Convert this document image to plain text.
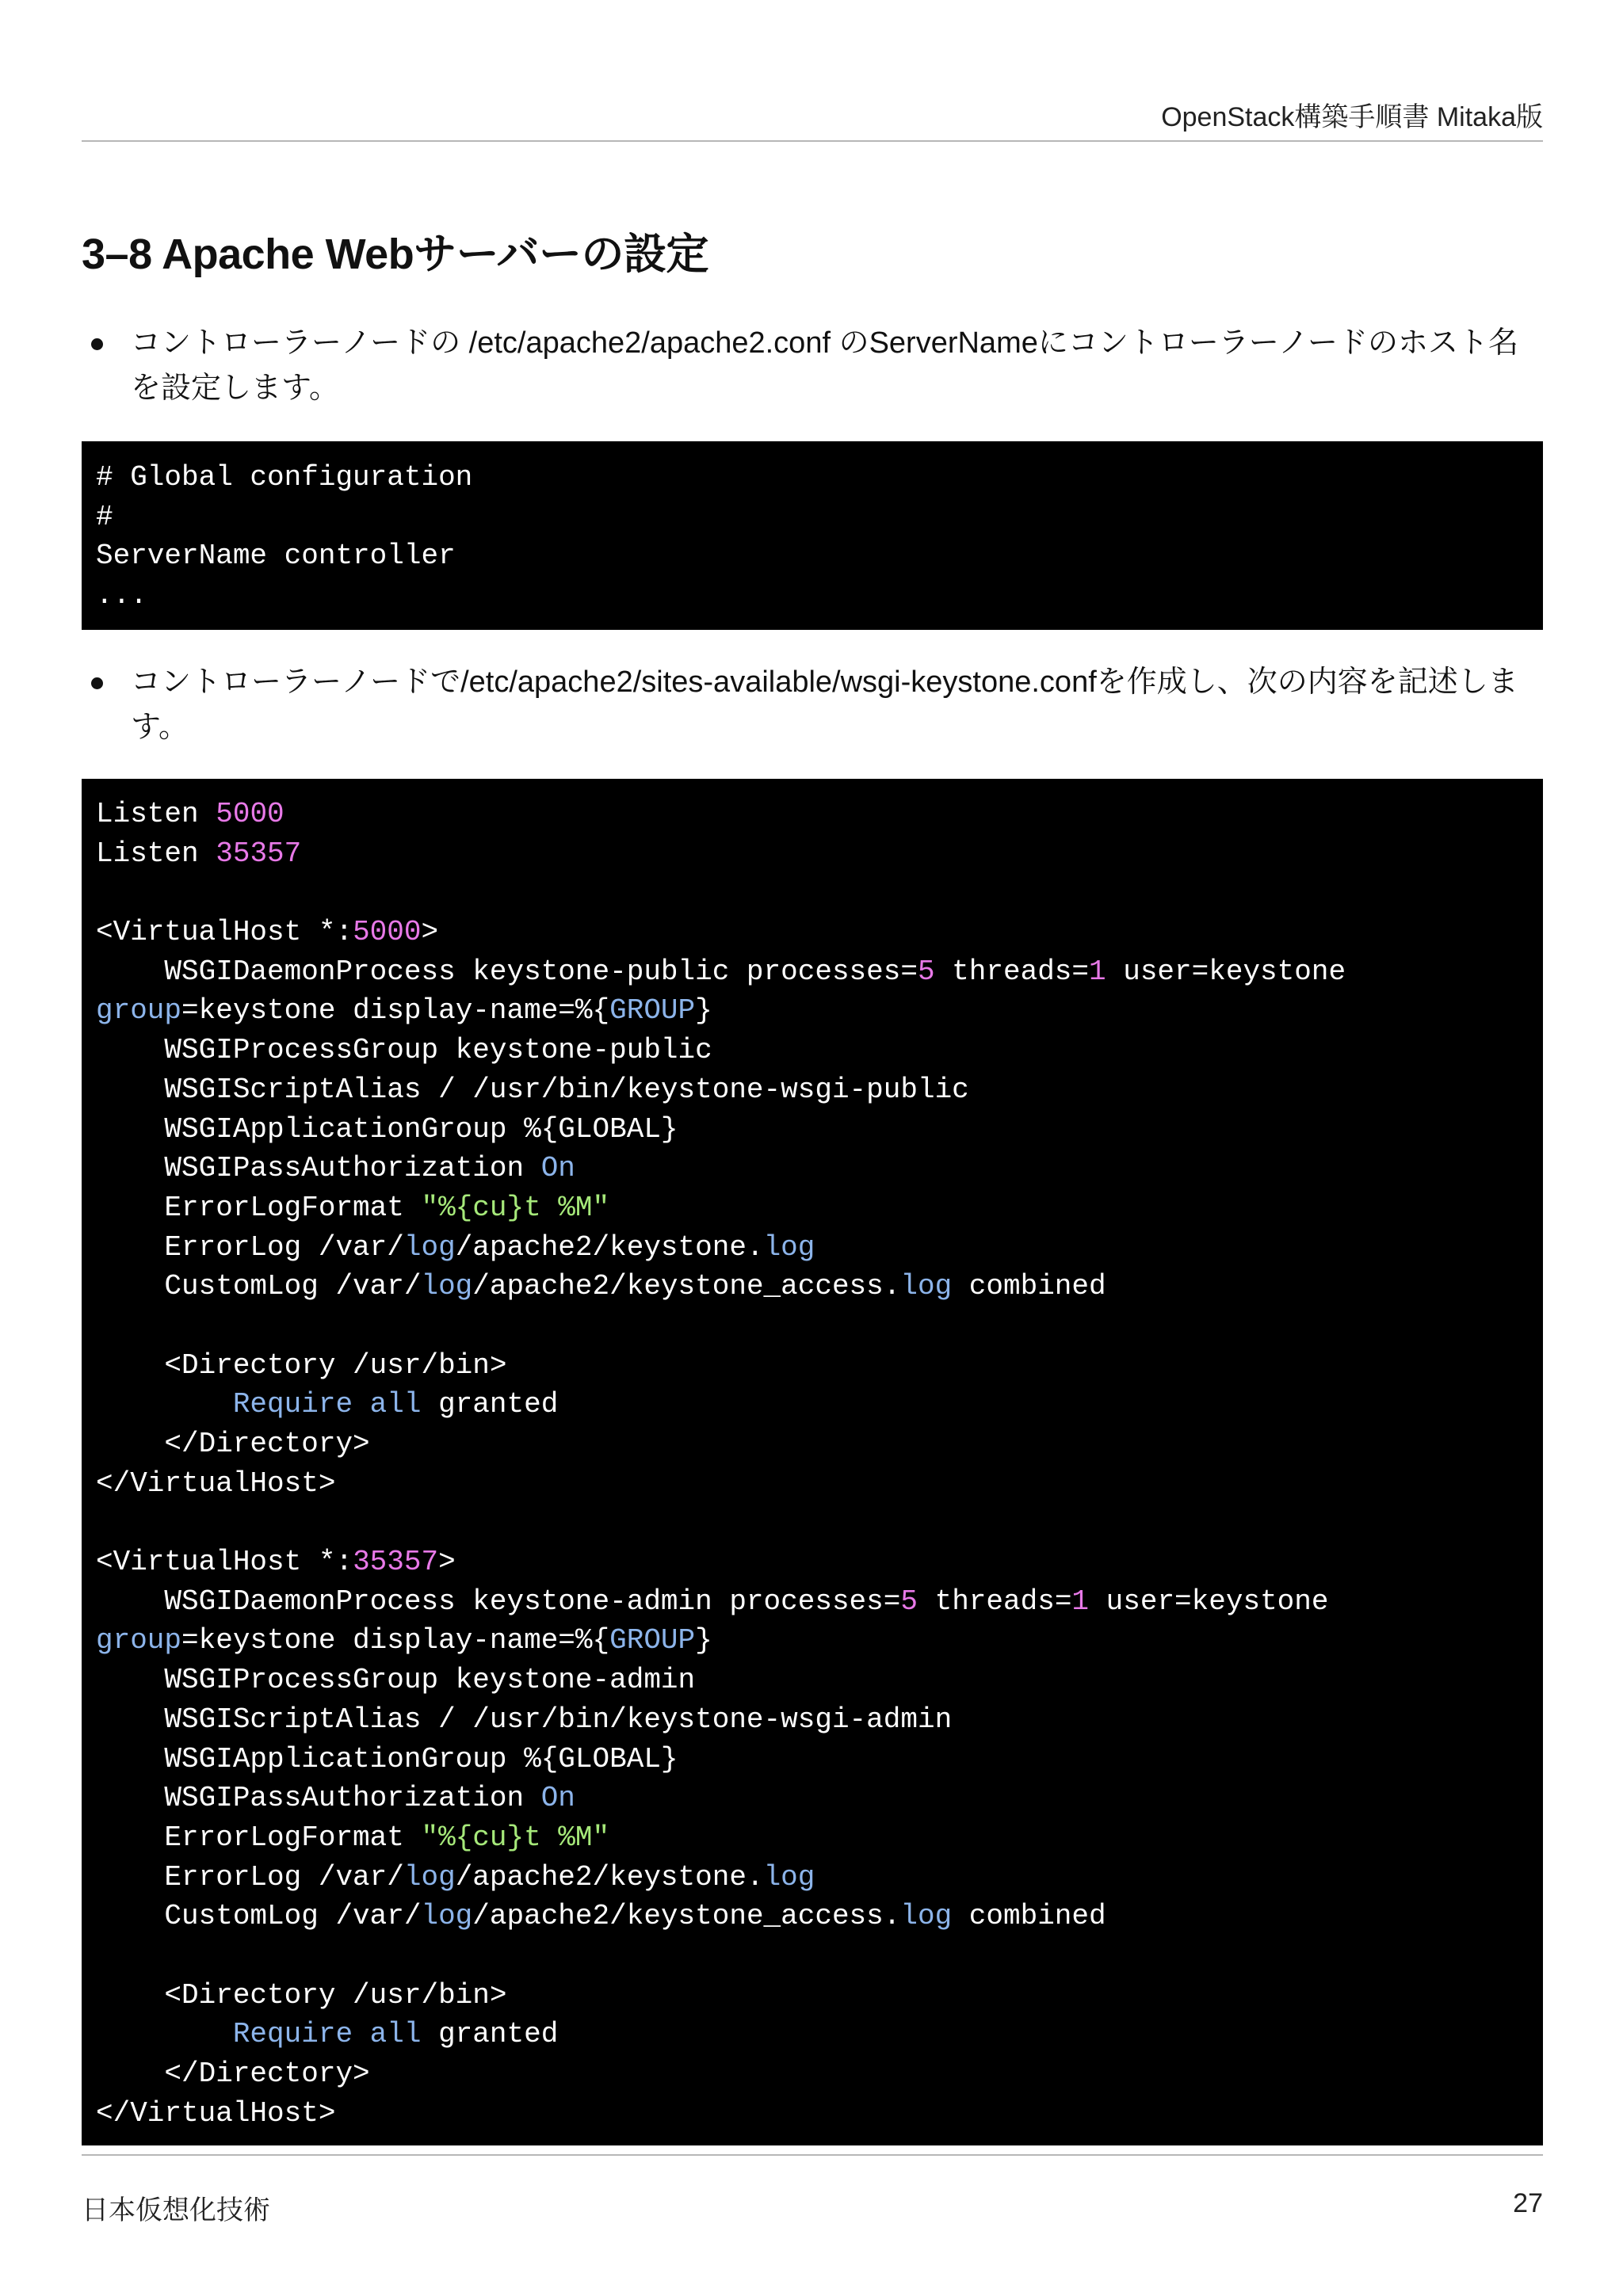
OpenStack構築手順書 Mitaka版
3–8 Apache Webサーバーの設定
コントローラーノードの /etc/apache2/apache2.conf のServerNameにコントローラーノードのホスト名を設定します。
# Global configuration
#
ServerName controller
...
コントローラーノードで/etc/apache2/sites-available/wsgi-keystone.confを作成し、次の内容を記述します。
Listen 5000
Listen 35357

<VirtualHost *:5000>
WSGIDaemonProcess keystone-public processes=5 threads=1 user=keystone
group=keystone display-name=%{GROUP}
WSGIProcessGroup keystone-public
WSGIScriptAlias / /usr/bin/keystone-wsgi-public
WSGIApplicationGroup %{GLOBAL}
WSGIPassAuthorization On
ErrorLogFormat "%{cu}t %M"
ErrorLog /var/log/apache2/keystone.log
CustomLog /var/log/apache2/keystone_access.log combined

<Directory /usr/bin>
Require all granted
</Directory>
</VirtualHost>

<VirtualHost *:35357>
WSGIDaemonProcess keystone-admin processes=5 threads=1 user=keystone
group=keystone display-name=%{GROUP}
WSGIProcessGroup keystone-admin
WSGIScriptAlias / /usr/bin/keystone-wsgi-admin
WSGIApplicationGroup %{GLOBAL}
WSGIPassAuthorization On
ErrorLogFormat "%{cu}t %M"
ErrorLog /var/log/apache2/keystone.log
CustomLog /var/log/apache2/keystone_access.log combined

<Directory /usr/bin>
Require all granted
</Directory>
</VirtualHost>
日本仮想化技術	27
